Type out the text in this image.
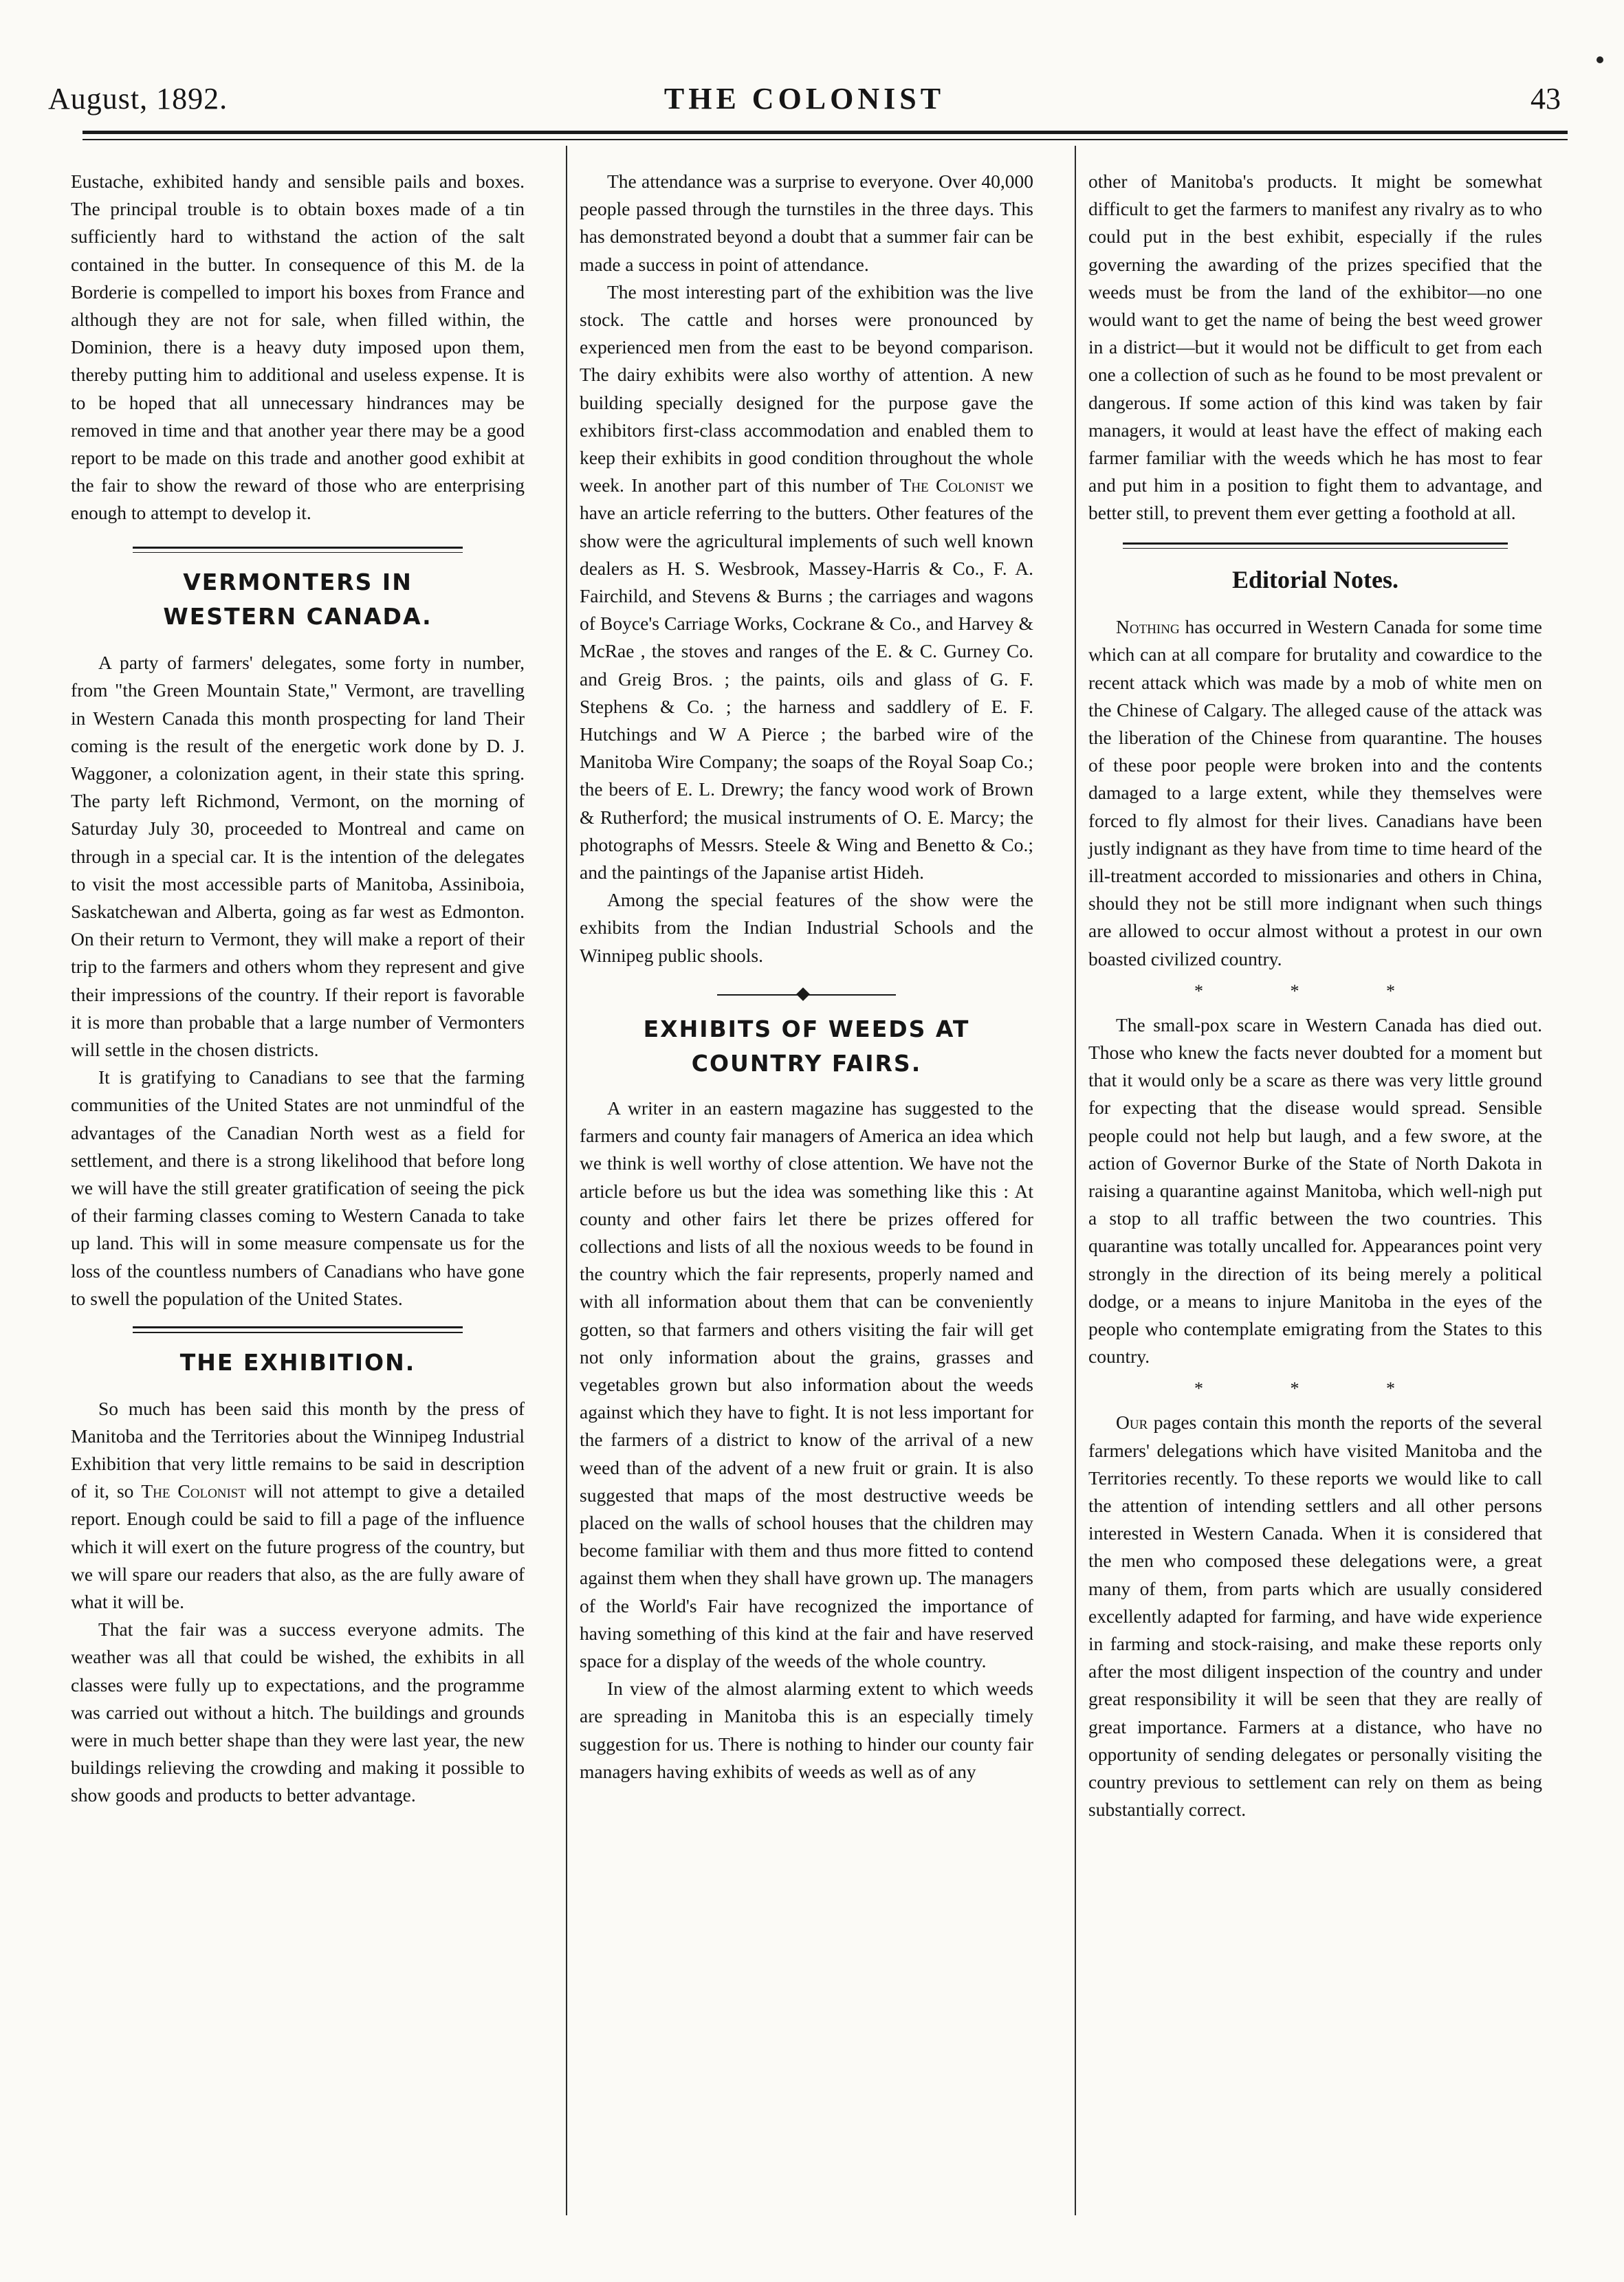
August, 1892.	THE COLONIST	43

Eustache, exhibited handy and sensible pails and boxes. The principal trouble is to obtain boxes made of a tin sufficiently hard to withstand the action of the salt contained in the butter. In consequence of this M. de la Borderie is compelled to import his boxes from France and although they are not for sale, when filled within, the Dominion, there is a heavy duty imposed upon them, thereby putting him to additional and useless expense. It is to be hoped that all unnecessary hindrances may be removed in time and that another year there may be a good report to be made on this trade and another good exhibit at the fair to show the reward of those who are enterprising enough to attempt to develop it.

VERMONTERS IN WESTERN CANADA.

A party of farmers' delegates, some forty in number, from "the Green Mountain State," Vermont, are travelling in Western Canada this month prospecting for land Their coming is the result of the energetic work done by D. J. Waggoner, a colonization agent, in their state this spring. The party left Richmond, Vermont, on the morning of Saturday July 30, proceeded to Montreal and came on through in a special car. It is the intention of the delegates to visit the most accessible parts of Manitoba, Assiniboia, Saskatchewan and Alberta, going as far west as Edmonton. On their return to Vermont, they will make a report of their trip to the farmers and others whom they represent and give their impressions of the country. If their report is favorable it is more than probable that a large number of Vermonters will settle in the chosen districts.

It is gratifying to Canadians to see that the farming communities of the United States are not unmindful of the advantages of the Canadian North west as a field for settlement, and there is a strong likelihood that before long we will have the still greater gratification of seeing the pick of their farming classes coming to Western Canada to take up land. This will in some measure compensate us for the loss of the countless numbers of Canadians who have gone to swell the population of the United States.

THE EXHIBITION.

So much has been said this month by the press of Manitoba and the Territories about the Winnipeg Industrial Exhibition that very little remains to be said in description of it, so The Colonist will not attempt to give a detailed report. Enough could be said to fill a page of the influence which it will exert on the future progress of the country, but we will spare our readers that also, as the are fully aware of what it will be.

That the fair was a success everyone admits. The weather was all that could be wished, the exhibits in all classes were fully up to expectations, and the programme was carried out without a hitch. The buildings and grounds were in much better shape than they were last year, the new buildings relieving the crowding and making it possible to show goods and products to better advantage.

The attendance was a surprise to everyone. Over 40,000 people passed through the turnstiles in the three days. This has demonstrated beyond a doubt that a summer fair can be made a success in point of attendance.

The most interesting part of the exhibition was the live stock. The cattle and horses were pronounced by experienced men from the east to be beyond comparison. The dairy exhibits were also worthy of attention. A new building specially designed for the purpose gave the exhibitors first-class accommodation and enabled them to keep their exhibits in good condition throughout the whole week. In another part of this number of The Colonist we have an article referring to the butters. Other features of the show were the agricultural implements of such well known dealers as H. S. Wesbrook, Massey-Harris & Co., F. A. Fairchild, and Stevens & Burns ; the carriages and wagons of Boyce's Carriage Works, Cockrane & Co., and Harvey & McRae , the stoves and ranges of the E. & C. Gurney Co. and Greig Bros. ; the paints, oils and glass of G. F. Stephens & Co. ; the harness and saddlery of E. F. Hutchings and W A Pierce ; the barbed wire of the Manitoba Wire Company; the soaps of the Royal Soap Co.; the beers of E. L. Drewry; the fancy wood work of Brown & Rutherford; the musical instruments of O. E. Marcy; the photographs of Messrs. Steele & Wing and Benetto & Co.; and the paintings of the Japanise artist Hideh.

Among the special features of the show were the exhibits from the Indian Industrial Schools and the Winnipeg public shools.

EXHIBITS OF WEEDS AT COUNTRY FAIRS.

A writer in an eastern magazine has suggested to the farmers and county fair managers of America an idea which we think is well worthy of close attention. We have not the article before us but the idea was something like this : At county and other fairs let there be prizes offered for collections and lists of all the noxious weeds to be found in the country which the fair represents, properly named and with all information about them that can be conveniently gotten, so that farmers and others visiting the fair will get not only information about the grains, grasses and vegetables grown but also information about the weeds against which they have to fight. It is not less important for the farmers of a district to know of the arrival of a new weed than of the advent of a new fruit or grain. It is also suggested that maps of the most destructive weeds be placed on the walls of school houses that the children may become familiar with them and thus more fitted to contend against them when they shall have grown up. The managers of the World's Fair have recognized the importance of having something of this kind at the fair and have reserved space for a display of the weeds of the whole country.

In view of the almost alarming extent to which weeds are spreading in Manitoba this is an especially timely suggestion for us. There is nothing to hinder our county fair managers having exhibits of weeds as well as of any

other of Manitoba's products. It might be somewhat difficult to get the farmers to manifest any rivalry as to who could put in the best exhibit, especially if the rules governing the awarding of the prizes specified that the weeds must be from the land of the exhibitor—no one would want to get the name of being the best weed grower in a district—but it would not be difficult to get from each one a collection of such as he found to be most prevalent or dangerous. If some action of this kind was taken by fair managers, it would at least have the effect of making each farmer familiar with the weeds which he has most to fear and put him in a position to fight them to advantage, and better still, to prevent them ever getting a foothold at all.

Editorial Notes.

Nothing has occurred in Western Canada for some time which can at all compare for brutality and cowardice to the recent attack which was made by a mob of white men on the Chinese of Calgary. The alleged cause of the attack was the liberation of the Chinese from quarantine. The houses of these poor people were broken into and the contents damaged to a large extent, while they themselves were forced to fly almost for their lives. Canadians have been justly indignant as they have from time to time heard of the ill-treatment accorded to missionaries and others in China, should they not be still more indignant when such things are allowed to occur almost without a protest in our own boasted civilized country.

* * *

The small-pox scare in Western Canada has died out. Those who knew the facts never doubted for a moment but that it would only be a scare as there was very little ground for expecting that the disease would spread. Sensible people could not help but laugh, and a few swore, at the action of Governor Burke of the State of North Dakota in raising a quarantine against Manitoba, which well-nigh put a stop to all traffic between the two countries. This quarantine was totally uncalled for. Appearances point very strongly in the direction of its being merely a political dodge, or a means to injure Manitoba in the eyes of the people who contemplate emigrating from the States to this country.

* * *

Our pages contain this month the reports of the several farmers' delegations which have visited Manitoba and the Territories recently. To these reports we would like to call the attention of intending settlers and all other persons interested in Western Canada. When it is considered that the men who composed these delegations were, a great many of them, from parts which are usually considered excellently adapted for farming, and have wide experience in farming and stock-raising, and make these reports only after the most diligent inspection of the country and under great responsibility it will be seen that they are really of great importance. Farmers at a distance, who have no opportunity of sending delegates or personally visiting the country previous to settlement can rely on them as being substantially correct.
